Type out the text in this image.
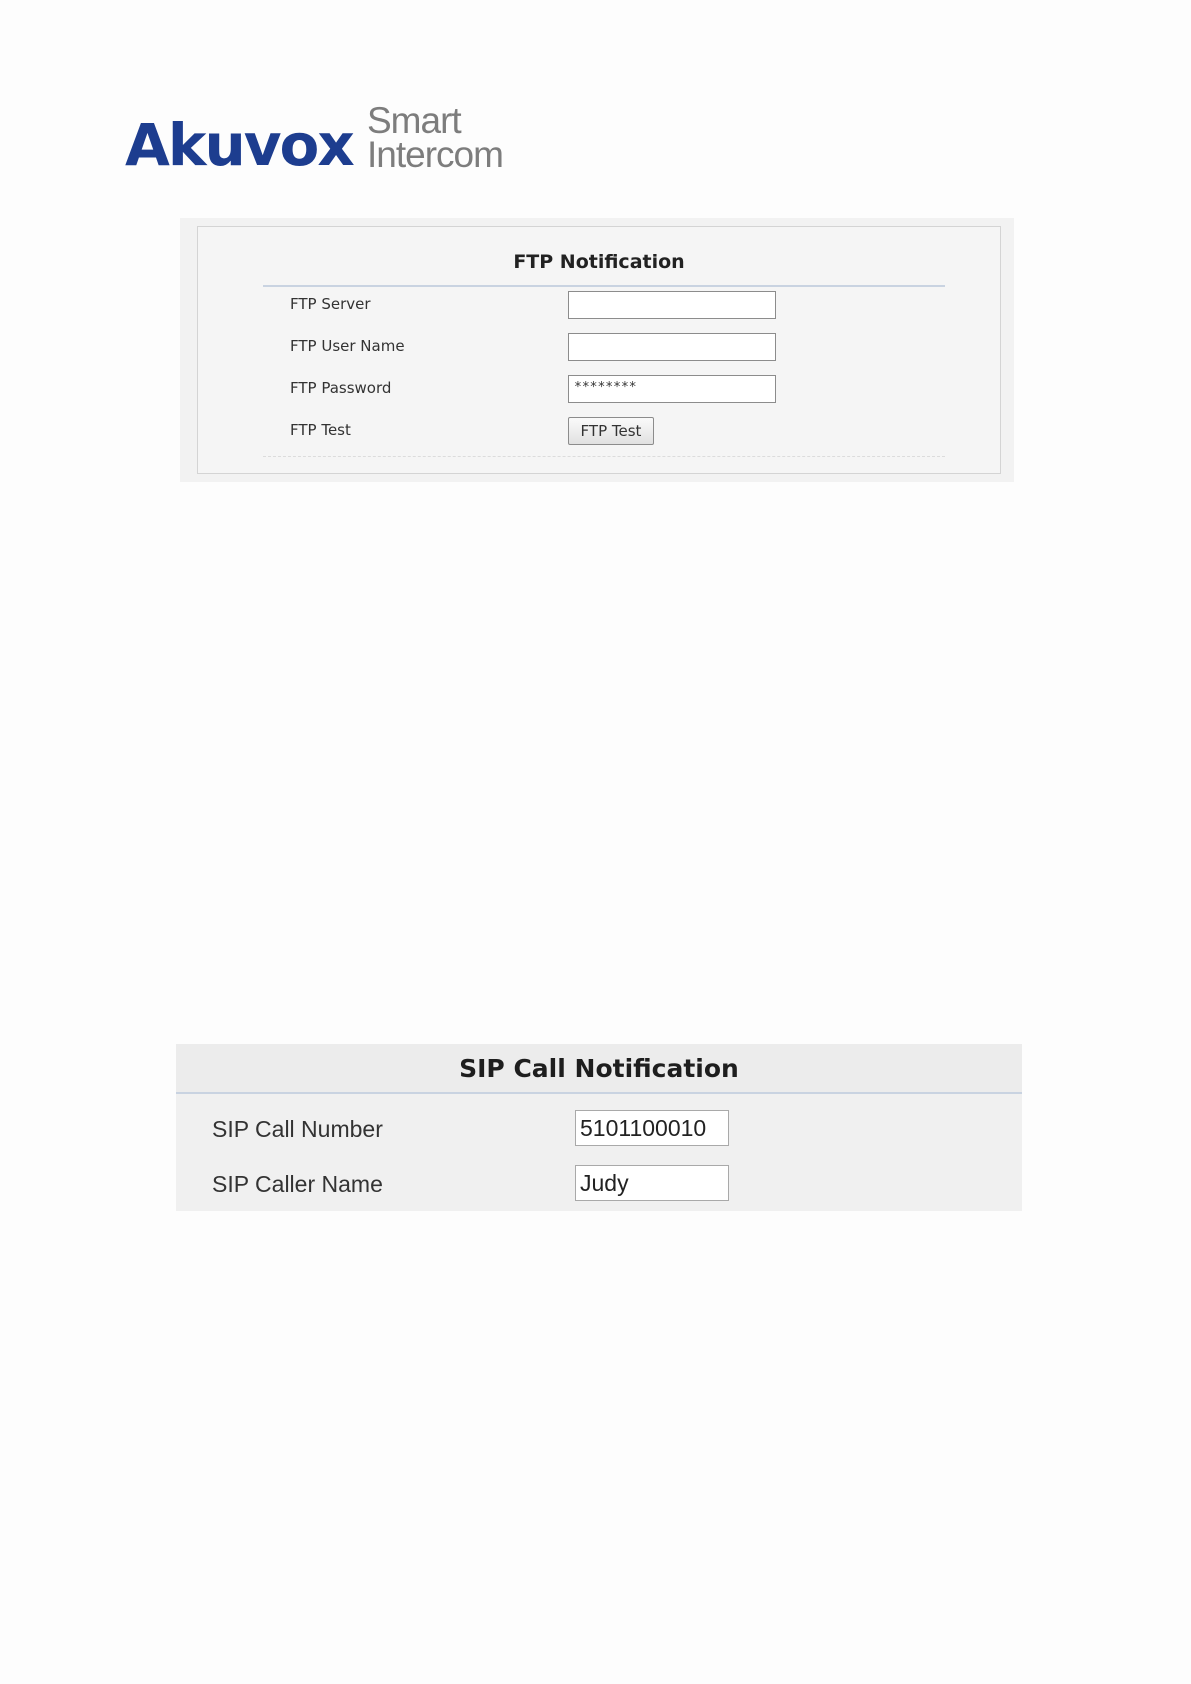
Akuvox Smart
Intercom
FTP Notification
FTP Server
FTP User Name
FTP Password	********
FTP Test	FTP Test
SIP Call Notification
SIP Call Number	5101100010
SIP Caller Name	Judy
